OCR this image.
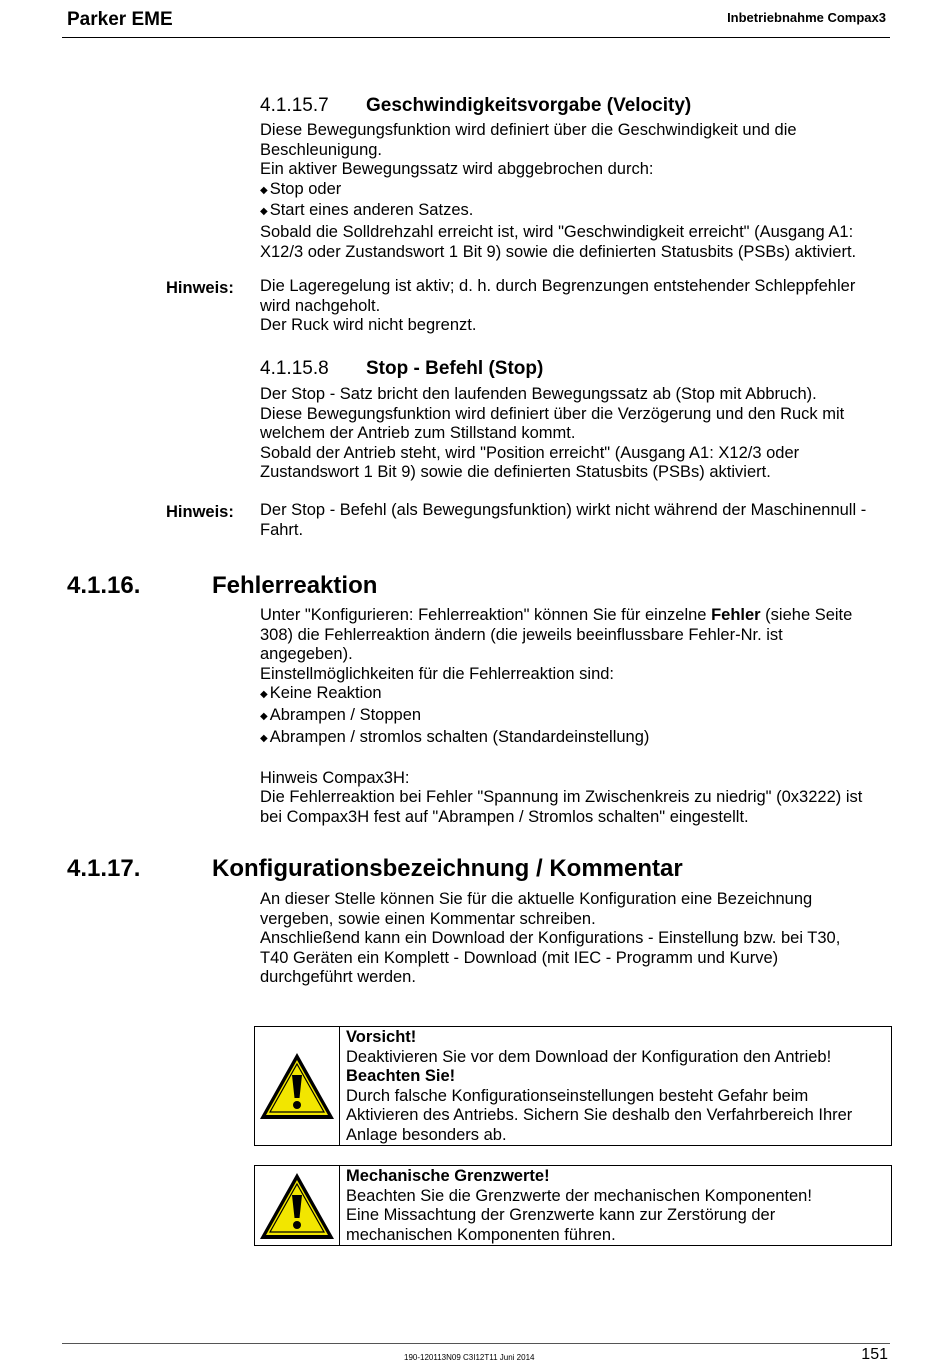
Parker EME	Inbetriebnahme Compax3
4.1.15.7 Geschwindigkeitsvorgabe (Velocity)

Diese Bewegungsfunktion wird definiert über die Geschwindigkeit und die

Beschleunigung.

Ein aktiver Bewegungssatz wird abggebrochen durch:

◆ Stop oder

◆ Start eines anderen Satzes.

Sobald die Solldrehzahl erreicht ist, wird "Geschwindigkeit erreicht" (Ausgang A1:

X12/3 oder Zustandswort 1 Bit 9) sowie die definierten Statusbits (PSBs) aktiviert.

Hinweis: Die Lageregelung ist aktiv; d. h. durch Begrenzungen entstehender Schleppfehler

wird nachgeholt.

Der Ruck wird nicht begrenzt.

4.1.15.8 Stop - Befehl (Stop)

Der Stop - Satz bricht den laufenden Bewegungssatz ab (Stop mit Abbruch).

Diese Bewegungsfunktion wird definiert über die Verzögerung und den Ruck mit

welchem der Antrieb zum Stillstand kommt.

Sobald der Antrieb steht, wird "Position erreicht" (Ausgang A1: X12/3 oder

Zustandswort 1 Bit 9) sowie die definierten Statusbits (PSBs) aktiviert.

Hinweis: Der Stop - Befehl (als Bewegungsfunktion) wirkt nicht während der Maschinennull -

Fahrt.

4.1.16.	Fehlerreaktion

Unter "Konfigurieren: Fehlerreaktion" können Sie für einzelne Fehler (siehe Seite

308) die Fehlerreaktion ändern (die jeweils beeinflussbare Fehler-Nr. ist

angegeben).

Einstellmöglichkeiten für die Fehlerreaktion sind:

◆ Keine Reaktion

◆ Abrampen / Stoppen

◆ Abrampen / stromlos schalten (Standardeinstellung)

Hinweis Compax3H:

Die Fehlerreaktion bei Fehler "Spannung im Zwischenkreis zu niedrig" (0x3222) ist

bei Compax3H fest auf "Abrampen / Stromlos schalten" eingestellt.

4.1.17.	Konfigurationsbezeichnung / Kommentar

An dieser Stelle können Sie für die aktuelle Konfiguration eine Bezeichnung

vergeben, sowie einen Kommentar schreiben.

Anschließend kann ein Download der Konfigurations - Einstellung bzw. bei T30,

T40 Geräten ein Komplett - Download (mit IEC - Programm und Kurve)

durchgeführt werden.

Vorsicht!

Deaktivieren Sie vor dem Download der Konfiguration den Antrieb!

Beachten Sie!

Durch falsche Konfigurationseinstellungen besteht Gefahr beim

Aktivieren des Antriebs. Sichern Sie deshalb den Verfahrbereich Ihrer

Anlage besonders ab.

Mechanische Grenzwerte!

Beachten Sie die Grenzwerte der mechanischen Komponenten!

Eine Missachtung der Grenzwerte kann zur Zerstörung der

mechanischen Komponenten führen.

190-120113N09 C3I12T11 Juni 2014	151
